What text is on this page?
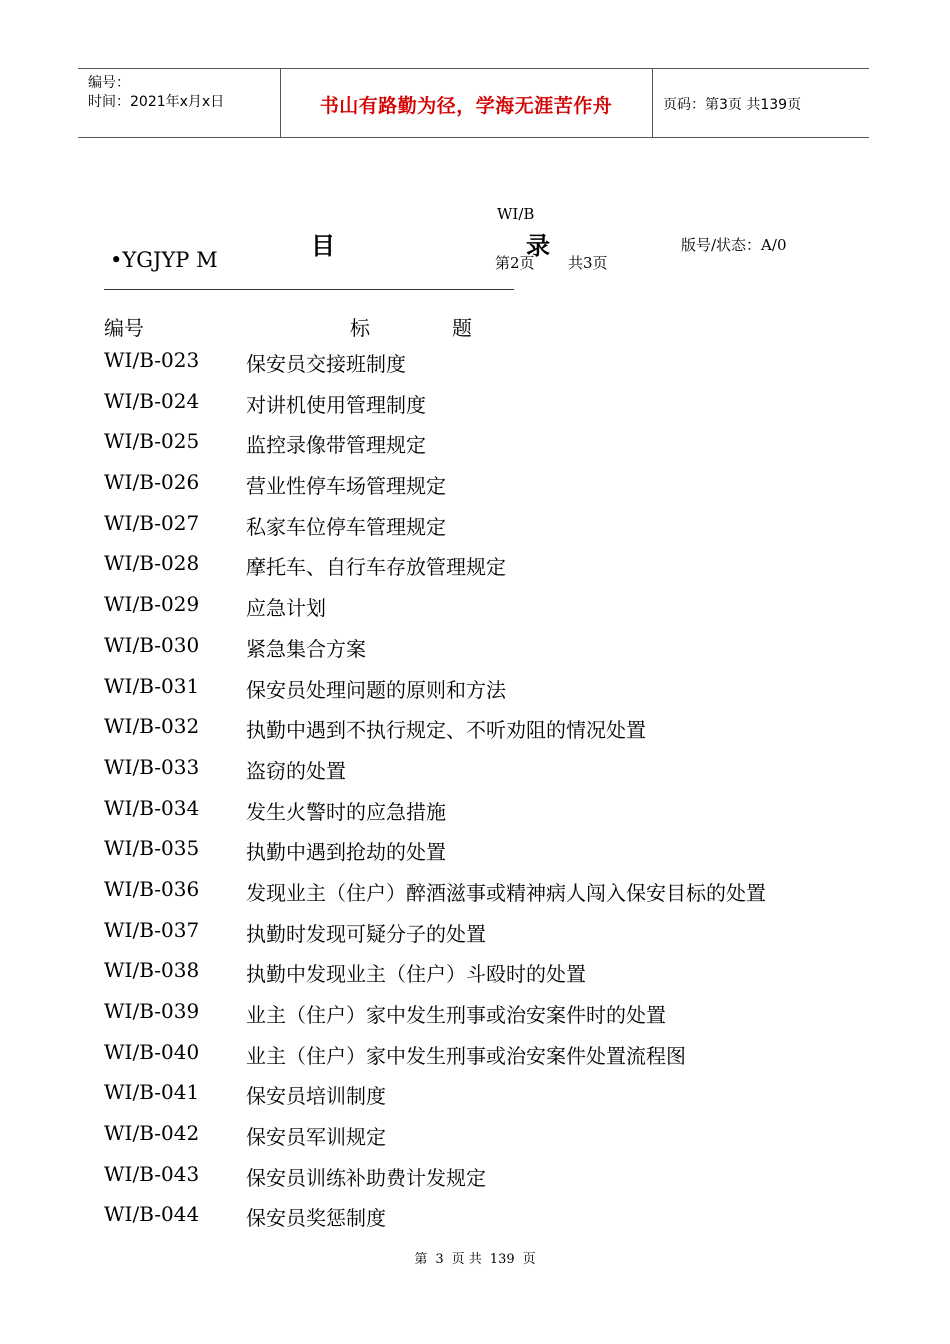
编号：
时间：2021年x月x日	书山有路勤为径，学海无涯苦作舟	页码：第3页 共139页
WI/B
目	录	版号/状态：A/0
•YGJYP M	第2页 共3页
编号	标题
WI/B-023 保安员交接班制度
WI/B-024 对讲机使用管理制度
WI/B-025 监控录像带管理规定
WI/B-026 营业性停车场管理规定
WI/B-027 私家车位停车管理规定
WI/B-028 摩托车、自行车存放管理规定
WI/B-029 应急计划
WI/B-030 紧急集合方案
WI/B-031 保安员处理问题的原则和方法
WI/B-032 执勤中遇到不执行规定、不听劝阻的情况处置
WI/B-033 盗窃的处置
WI/B-034 发生火警时的应急措施
WI/B-035 执勤中遇到抢劫的处置
WI/B-036 发现业主（住户）醉酒滋事或精神病人闯入保安目标的处置
WI/B-037 执勤时发现可疑分子的处置
WI/B-038 执勤中发现业主（住户）斗殴时的处置
WI/B-039 业主（住户）家中发生刑事或治安案件时的处置
WI/B-040 业主（住户）家中发生刑事或治安案件处置流程图
WI/B-041 保安员培训制度
WI/B-042 保安员军训规定
WI/B-043 保安员训练补助费计发规定
WI/B-044 保安员奖惩制度
第 3 页 共 139 页
